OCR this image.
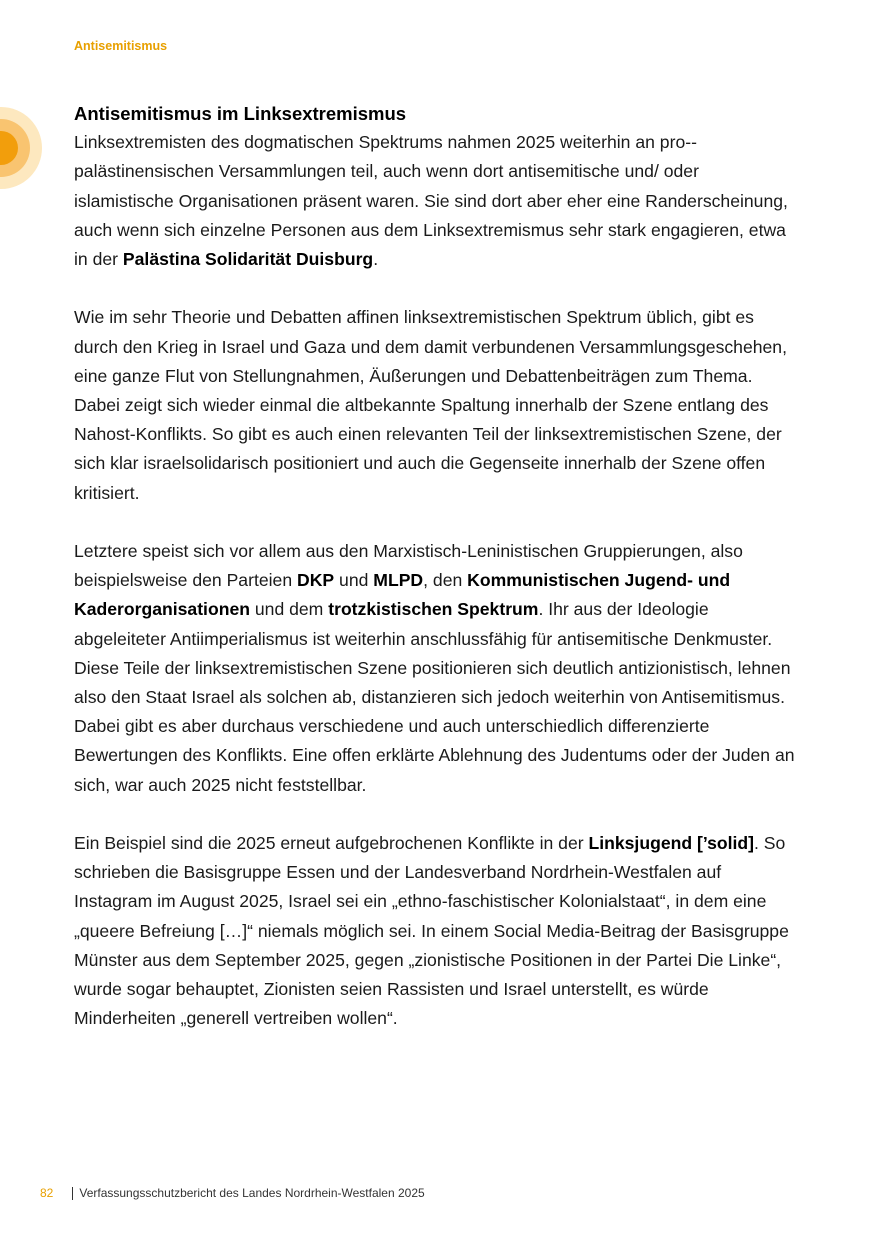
Antisemitismus
Antisemitismus im Linksextremismus

Linksextremisten des dogmatischen Spektrums nahmen 2025 weiterhin an pro-palästinensischen Versammlungen teil, auch wenn dort antisemitische und/ oder islamistische Organisationen präsent waren. Sie sind dort aber eher eine Randerscheinung, auch wenn sich einzelne Personen aus dem Linksextremismus sehr stark engagieren, etwa in der Palästina Solidarität Duisburg.

Wie im sehr Theorie und Debatten affinen linksextremistischen Spektrum üblich, gibt es durch den Krieg in Israel und Gaza und dem damit verbundenen Versammlungsgeschehen, eine ganze Flut von Stellungnahmen, Äußerungen und Debattenbeiträgen zum Thema. Dabei zeigt sich wieder einmal die altbekannte Spaltung innerhalb der Szene entlang des Nahost-Konflikts. So gibt es auch einen relevanten Teil der linksextremistischen Szene, der sich klar israelsolidarisch positioniert und auch die Gegenseite innerhalb der Szene offen kritisiert.

Letztere speist sich vor allem aus den Marxistisch-Leninistischen Gruppierungen, also beispielsweise den Parteien DKP und MLPD, den Kommunistischen Jugend- und Kaderorganisationen und dem trotzkistischen Spektrum. Ihr aus der Ideologie abgeleiteter Antiimperialismus ist weiterhin anschlussfähig für antisemitische Denkmuster. Diese Teile der linksextremistischen Szene positionieren sich deutlich antizionistisch, lehnen also den Staat Israel als solchen ab, distanzieren sich jedoch weiterhin von Antisemitismus. Dabei gibt es aber durchaus verschiedene und auch unterschiedlich differenzierte Bewertungen des Konflikts. Eine offen erklärte Ablehnung des Judentums oder der Juden an sich, war auch 2025 nicht feststellbar.

Ein Beispiel sind die 2025 erneut aufgebrochenen Konflikte in der Linksjugend [’solid]. So schrieben die Basisgruppe Essen und der Landesverband Nordrhein-Westfalen auf Instagram im August 2025, Israel sei ein „ethno-faschistischer Kolonialstaat“, in dem eine „queere Befreiung […]“ niemals möglich sei. In einem Social Media-Beitrag der Basisgruppe Münster aus dem September 2025, gegen „zionistische Positionen in der Partei Die Linke“, wurde sogar behauptet, Zionisten seien Rassisten und Israel unterstellt, es würde Minderheiten „generell vertreiben wollen“.

82 Verfassungsschutzbericht des Landes Nordrhein-Westfalen 2025
